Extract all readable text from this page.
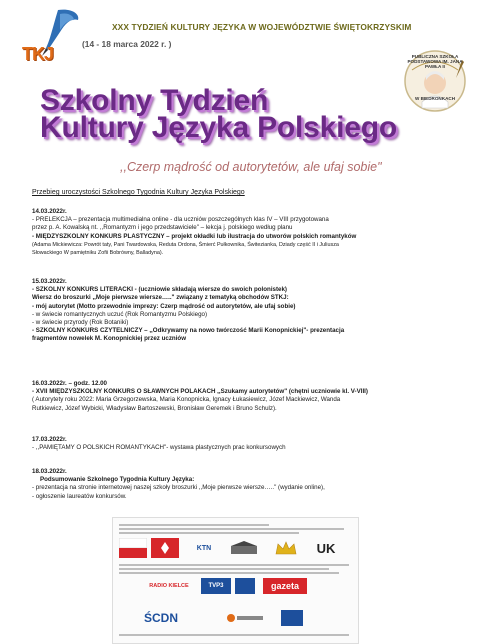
TKJ
XXX TYDZIEŃ KULTURY JĘZYKA W WOJEWÓDZTWIE ŚWIĘTOKRZYSKIM
(14 - 18 marca 2022 r. )
PUBLICZNA SZKOŁA PODSTAWOWA IM. JANA PAWŁA II
W BIEDRONKACH
Szkolny Tydzień
Kultury Języka Polskiego
,,Czerp mądrość od autorytetów, ale ufaj sobie"
Przebieg uroczystości Szkolnego Tygodnia Kultury Języka Polskiego

14.03.2022r.

- PRELEKCJA – prezentacja multimedialna online - dla uczniów poszczególnych klas IV – VIII przygotowana

przez p. A. Kowalską nt. ,,Romantyzm i jego przedstawiciele" – lekcja j. polskiego według planu

- MIĘDZYSZKOLNY KONKURS PLASTYCZNY – projekt okładki lub ilustracja do utworów polskich romantyków

(Adama Mickiewicza: Powrót taty, Pani Twardowska, Reduta Ordona, Śmierć Pułkownika, Świtezianka, Dziady część II i Juliusza

Słowackiego W pamiętniku Zofii Bobrówny, Balladyna).

15.03.2022r.

- SZKOLNY KONKURS LITERACKI - (uczniowie składają wiersze do swoich polonistek)

Wiersz do broszurki ,,Moje pierwsze wiersze….." związany z tematyką obchodów STKJ:

- mój autorytet (Motto przewodnie imprezy: Czerp mądrość od autorytetów, ale ufaj sobie)

- w świecie romantycznych uczuć (Rok Romantyzmu Polskiego)

- w świecie przyrody (Rok Botaniki)

- SZKOLNY KONKURS CZYTELNICZY – ,,Odkrywamy na nowo twórczość Marii Konopnickiej"- prezentacja

fragmentów nowelek M. Konopnickiej przez uczniów

16.03.2022r. – godz. 12.00

- XVII MIĘDZYSZKOLNY KONKURS O SŁAWNYCH POLAKACH ,,Szukamy autorytetów" (chętni uczniowie kl. V-VIII)

( Autorytety roku 2022: Maria Grzegorzewska, Maria Konopnicka, Ignacy Łukasiewicz, Józef Mackiewicz, Wanda

Rutkiewicz, Józef Wybicki, Władysław Bartoszewski, Bronisław Geremek i Bruno Schulz).

17.03.2022r.

- ,,PAMIĘTAMY O POLSKICH ROMANTYKACH"- wystawa plastycznych prac konkursowych

18.03.2022r.

Podsumowanie Szkolnego Tygodnia Kultury Języka:

- prezentacja na stronie internetowej naszej szkoły broszurki ,,Moje pierwsze wiersze….." (wydanie online),

- ogłoszenie laureatów konkursów.

KTN	UK
RADIO KIELCE	TVP3	gazeta
ŚCDN
